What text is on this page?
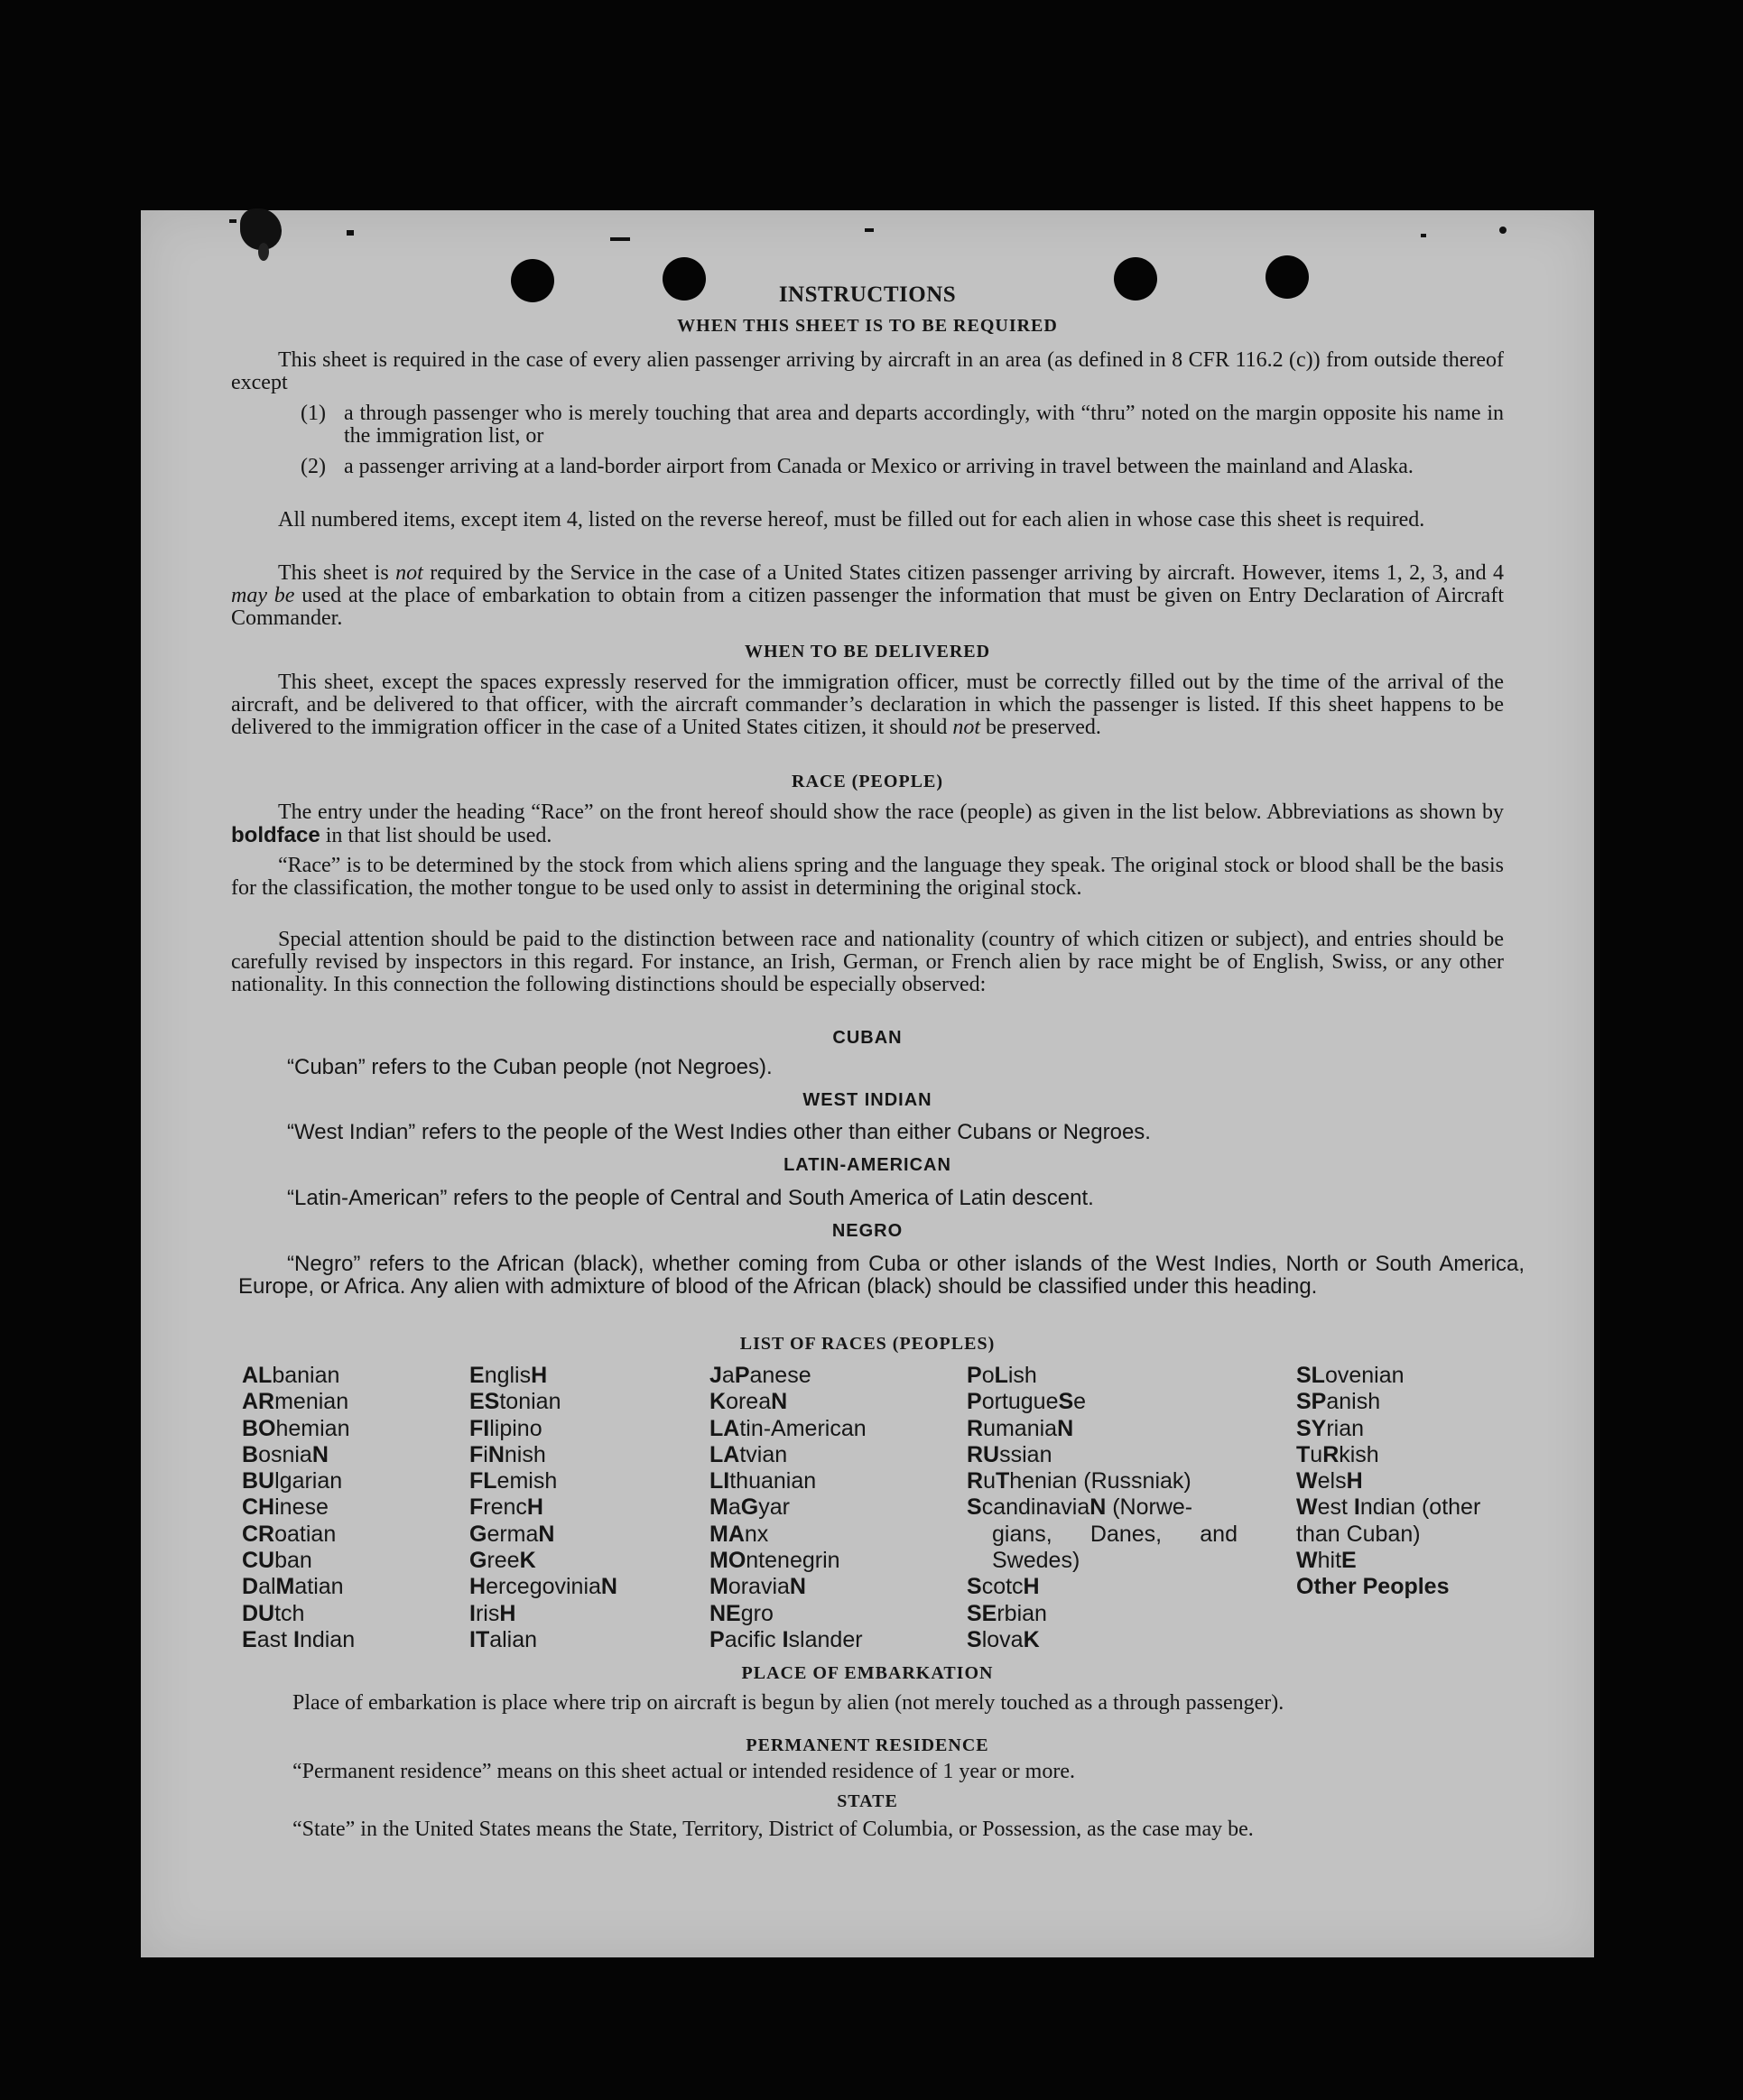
INSTRUCTIONS
WHEN THIS SHEET IS TO BE REQUIRED

This sheet is required in the case of every alien passenger arriving by aircraft in an area (as defined in 8 CFR 116.2 (c)) from outside thereof except

(1) a through passenger who is merely touching that area and departs accordingly, with “thru” noted on the margin opposite his name in the immigration list, or
(2) a passenger arriving at a land-border airport from Canada or Mexico or arriving in travel between the mainland and Alaska.

All numbered items, except item 4, listed on the reverse hereof, must be filled out for each alien in whose case this sheet is required.

This sheet is not required by the Service in the case of a United States citizen passenger arriving by aircraft. However, items 1, 2, 3, and 4 may be used at the place of embarkation to obtain from a citizen passenger the information that must be given on Entry Declaration of Aircraft Commander.

WHEN TO BE DELIVERED

This sheet, except the spaces expressly reserved for the immigration officer, must be correctly filled out by the time of the arrival of the aircraft, and be delivered to that officer, with the aircraft commander’s declaration in which the passenger is listed. If this sheet happens to be delivered to the immigration officer in the case of a United States citizen, it should not be preserved.

RACE (PEOPLE)

The entry under the heading “Race” on the front hereof should show the race (people) as given in the list below. Abbreviations as shown by boldface in that list should be used.

“Race” is to be determined by the stock from which aliens spring and the language they speak. The original stock or blood shall be the basis for the classification, the mother tongue to be used only to assist in determining the original stock.

Special attention should be paid to the distinction between race and nationality (country of which citizen or subject), and entries should be carefully revised by inspectors in this regard. For instance, an Irish, German, or French alien by race might be of English, Swiss, or any other nationality. In this connection the following distinctions should be especially observed:

CUBAN
“Cuban” refers to the Cuban people (not Negroes).
WEST INDIAN
“West Indian” refers to the people of the West Indies other than either Cubans or Negroes.
LATIN-AMERICAN
“Latin-American” refers to the people of Central and South America of Latin descent.
NEGRO
“Negro” refers to the African (black), whether coming from Cuba or other islands of the West Indies, North or South America, Europe, or Africa. Any alien with admixture of blood of the African (black) should be classified under this heading.
LIST OF RACES (PEOPLES)
ALbanian
ARmenian
BOhemian
BosniaN
BUlgarian
CHinese
CRoatian
CUban
DalMatian
DUtch
East Indian
EnglisH
EStonian
FIlipino
FiNnish
FLemish
FrencH
GermaN
GreeK
HercegoviniaN
IrisH
ITalian
JaPanese
KoreaN
LAtin-American
LAtvian
LIthuanian
MaGyar
MAnx
MOntenegrin
MoraviaN
NEgro
Pacific Islander
PoLish
PortugueSe
RumaniaN
RUssian
RuThenian (Russniak)
ScandinaviaN (Norwe-
gians, Danes, and
Swedes)
ScotcH
SErbian
SlovaK
SLovenian
SPanish
SYrian
TuRkish
WelsH
West Indian (other
than Cuban)
WhitE
Other Peoples
PLACE OF EMBARKATION

Place of embarkation is place where trip on aircraft is begun by alien (not merely touched as a through passenger).

PERMANENT RESIDENCE

“Permanent residence” means on this sheet actual or intended residence of 1 year or more.

STATE

“State” in the United States means the State, Territory, District of Columbia, or Possession, as the case may be.
